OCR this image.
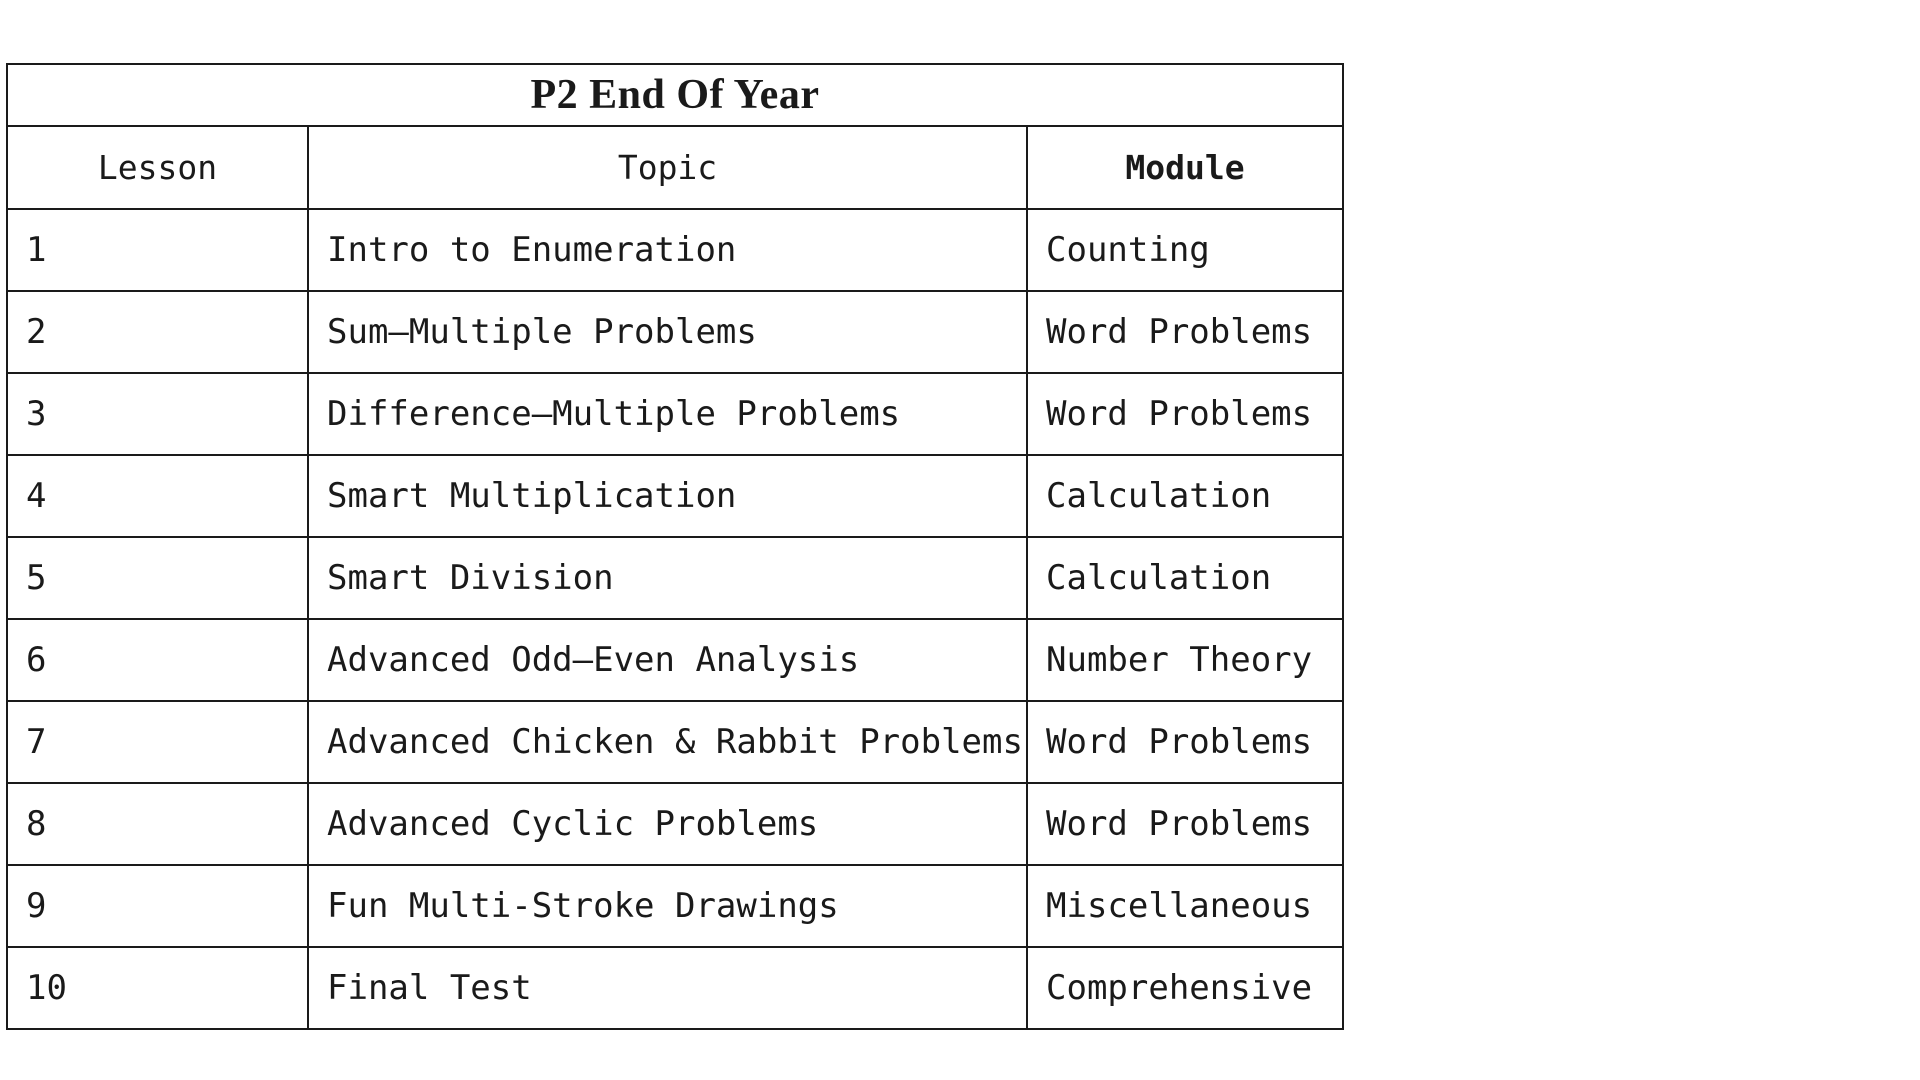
P2 End Of Year		
Lesson	Topic	Module
1	Intro to Enumeration	Counting
2	Sum–Multiple Problems	Word Problems
3	Difference–Multiple Problems	Word Problems
4	Smart Multiplication	Calculation
5	Smart Division	Calculation
6	Advanced Odd–Even Analysis	Number Theory
7	Advanced Chicken & Rabbit Problems	Word Problems
8	Advanced Cyclic Problems	Word Problems
9	Fun Multi-Stroke Drawings	Miscellaneous
10	Final Test	Comprehensive
